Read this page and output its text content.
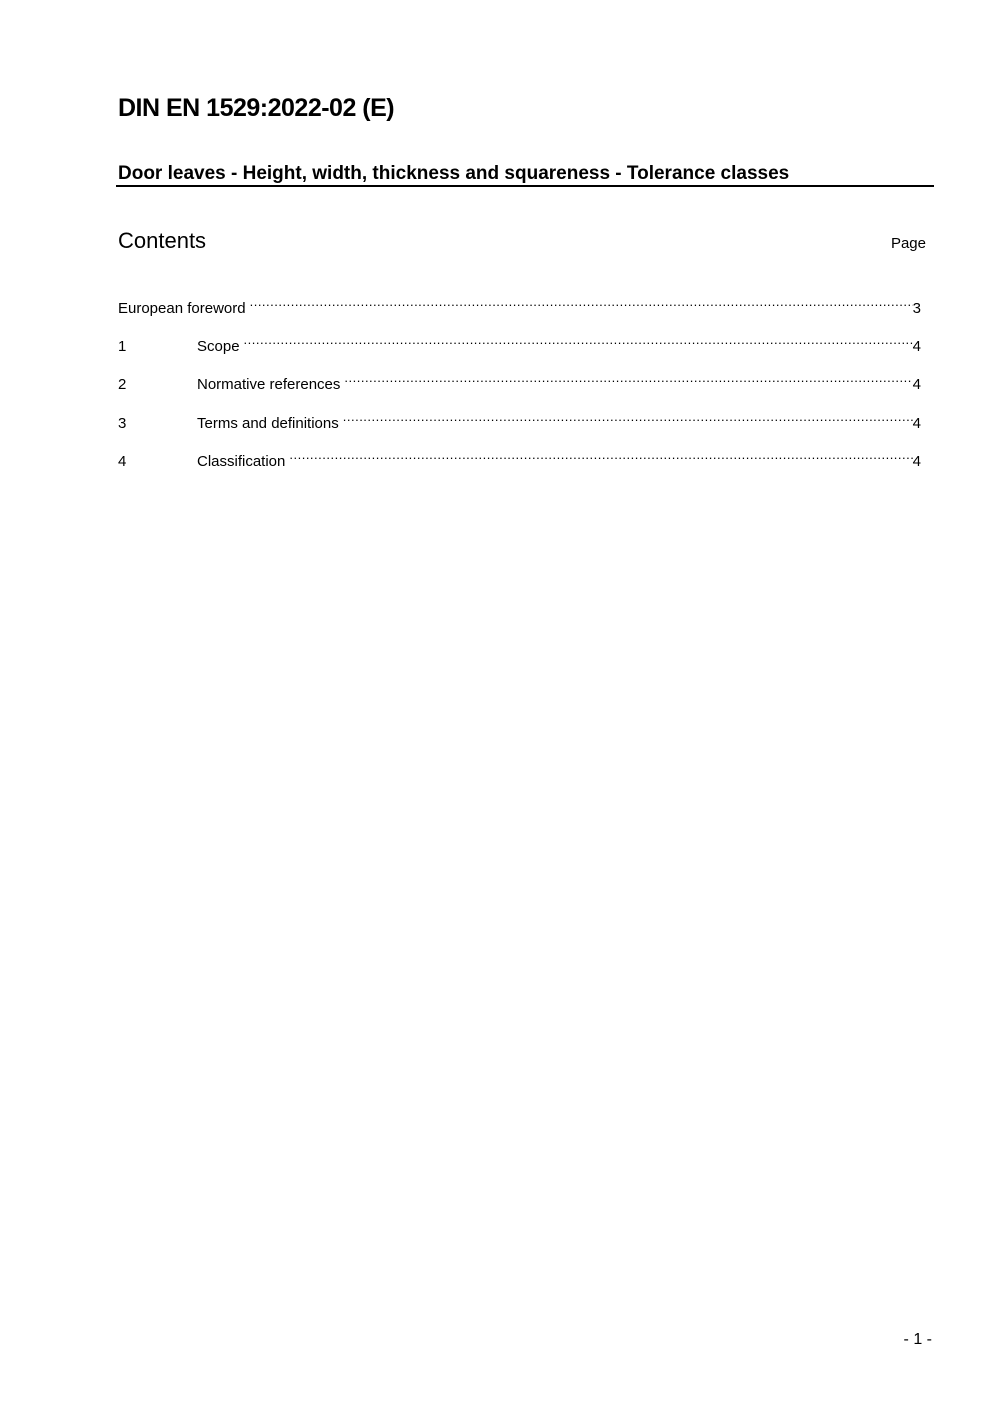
DIN EN 1529:2022-02 (E)
Door leaves - Height, width, thickness and squareness - Tolerance classes
Contents	Page
European foreword .....	3
1	Scope .....	4
2	Normative references .....	4
3	Terms and definitions .....	4
4	Classification .....	4
- 1 -
